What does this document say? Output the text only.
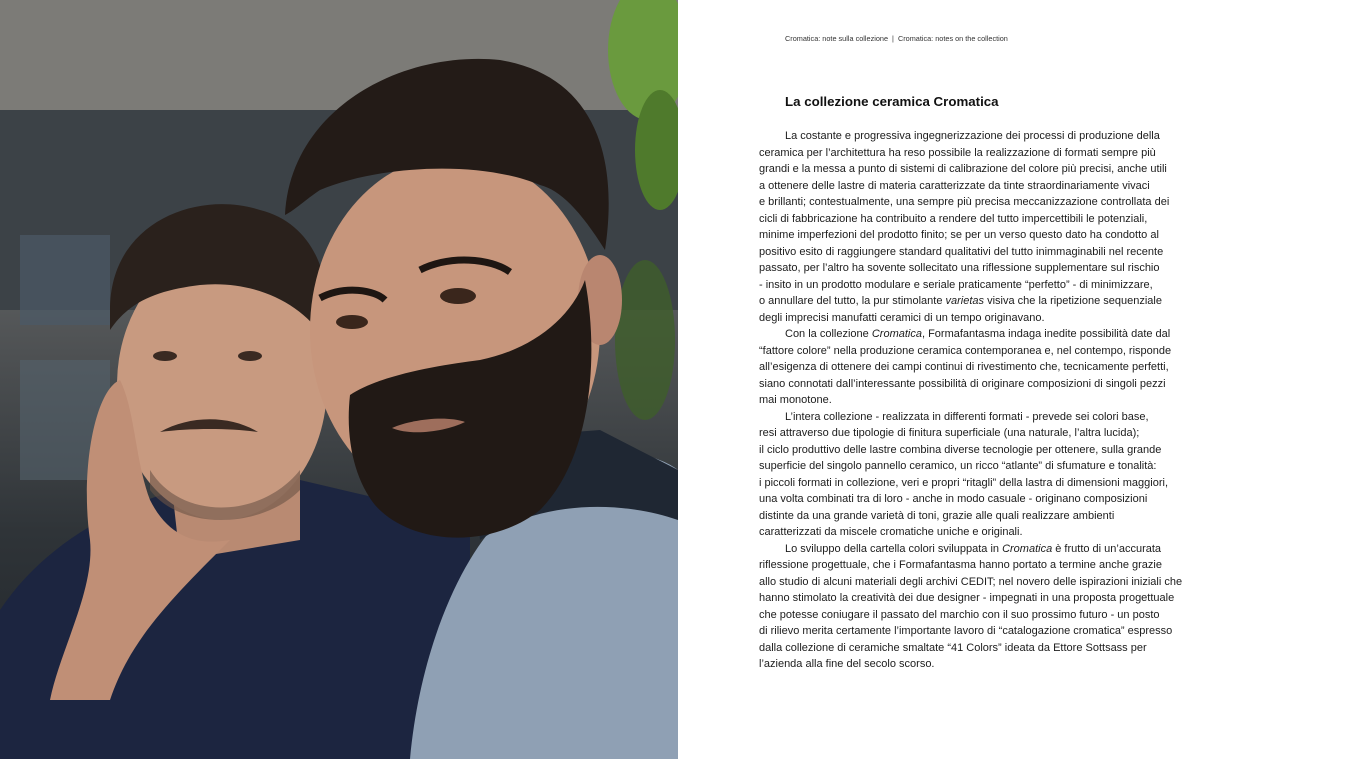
Cromatica: note sulla collezione | Cromatica: notes on the collection
La collezione ceramica Cromatica
La costante e progressiva ingegnerizzazione dei processi di produzione della
ceramica per l’architettura ha reso possibile la realizzazione di formati sempre più
grandi e la messa a punto di sistemi di calibrazione del colore più precisi, anche utili
a ottenere delle lastre di materia caratterizzate da tinte straordinariamente vivaci
e brillanti; contestualmente, una sempre più precisa meccanizzazione controllata dei
cicli di fabbricazione ha contribuito a rendere del tutto impercettibili le potenziali,
minime imperfezioni del prodotto finito; se per un verso questo dato ha condotto al
positivo esito di raggiungere standard qualitativi del tutto inimmaginabili nel recente
passato, per l’altro ha sovente sollecitato una riflessione supplementare sul rischio
- insito in un prodotto modulare e seriale praticamente “perfetto” - di minimizzare,
o annullare del tutto, la pur stimolante varietas visiva che la ripetizione sequenziale
degli imprecisi manufatti ceramici di un tempo originavano.
Con la collezione Cromatica, Formafantasma indaga inedite possibilità date dal
“fattore colore” nella produzione ceramica contemporanea e, nel contempo, risponde
all’esigenza di ottenere dei campi continui di rivestimento che, tecnicamente perfetti,
siano connotati dall’interessante possibilità di originare composizioni di singoli pezzi
mai monotone.
L’intera collezione - realizzata in differenti formati - prevede sei colori base,
resi attraverso due tipologie di finitura superficiale (una naturale, l’altra lucida);
il ciclo produttivo delle lastre combina diverse tecnologie per ottenere, sulla grande
superficie del singolo pannello ceramico, un ricco “atlante” di sfumature e tonalità:
i piccoli formati in collezione, veri e propri “ritagli” della lastra di dimensioni maggiori,
una volta combinati tra di loro - anche in modo casuale - originano composizioni
distinte da una grande varietà di toni, grazie alle quali realizzare ambienti
caratterizzati da miscele cromatiche uniche e originali.
Lo sviluppo della cartella colori sviluppata in Cromatica è frutto di un’accurata
riflessione progettuale, che i Formafantasma hanno portato a termine anche grazie
allo studio di alcuni materiali degli archivi CEDIT; nel novero delle ispirazioni iniziali che
hanno stimolato la creatività dei due designer - impegnati in una proposta progettuale
che potesse coniugare il passato del marchio con il suo prossimo futuro - un posto
di rilievo merita certamente l’importante lavoro di “catalogazione cromatica” espresso
dalla collezione di ceramiche smaltate “41 Colors” ideata da Ettore Sottsass per
l’azienda alla fine del secolo scorso.
